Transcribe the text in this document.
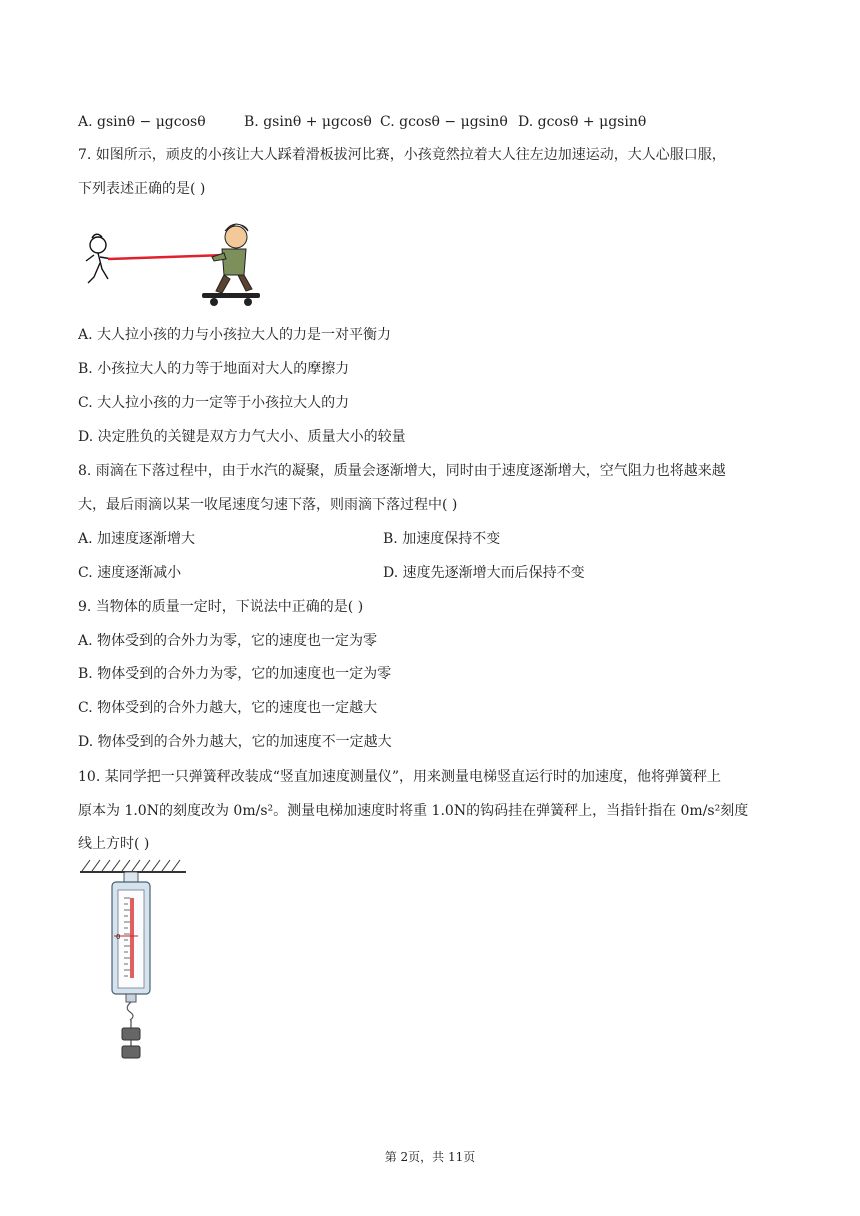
A. gsinθ − μgcosθ	B. gsinθ + μgcosθ C. gcosθ − μgsinθ D. gcosθ + μgsinθ
7. 如图所示，顽皮的小孩让大人踩着滑板拔河比赛，小孩竟然拉着大人往左边加速运动，大人心服口服，
下列表述正确的是( )
A. 大人拉小孩的力与小孩拉大人的力是一对平衡力
B. 小孩拉大人的力等于地面对大人的摩擦力
C. 大人拉小孩的力一定等于小孩拉大人的力
D. 决定胜负的关键是双方力气大小、质量大小的较量
8. 雨滴在下落过程中，由于水汽的凝聚，质量会逐渐增大，同时由于速度逐渐增大，空气阻力也将越来越
大，最后雨滴以某一收尾速度匀速下落，则雨滴下落过程中( )
A. 加速度逐渐增大	B. 加速度保持不变
C. 速度逐渐减小	D. 速度先逐渐增大而后保持不变
9. 当物体的质量一定时，下说法中正确的是( )
A. 物体受到的合外力为零，它的速度也一定为零
B. 物体受到的合外力为零，它的加速度也一定为零
C. 物体受到的合外力越大，它的速度也一定越大
D. 物体受到的合外力越大，它的加速度不一定越大
10. 某同学把一只弹簧秤改装成“竖直加速度测量仪”，用来测量电梯竖直运行时的加速度，他将弹簧秤上
原本为 1.0N的刻度改为 0m/s²。测量电梯加速度时将重 1.0N的钩码挂在弹簧秤上，当指针指在 0m/s²刻度
线上方时( )
0
第 2页，共 11页
